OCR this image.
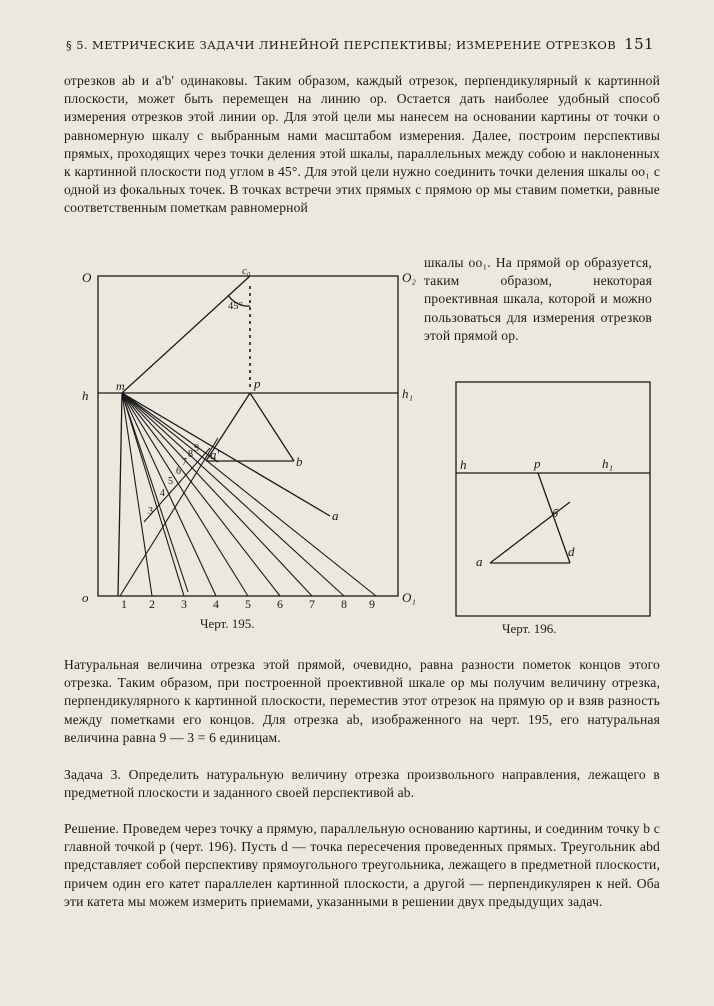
§ 5. МЕТРИЧЕСКИЕ ЗАДАЧИ ЛИНЕЙНОЙ ПЕРСПЕКТИВЫ; ИЗМЕРЕНИЕ ОТРЕЗКОВ 151

отрезков ab и a'b' одинаковы. Таким образом, каждый отрезок, перпендикулярный к картинной плоскости, может быть перемещен на линию op. Остается дать наиболее удобный способ измерения отрезков этой линии op. Для этой цели мы нанесем на основании картины от точки o равномерную шкалу с выбранным нами масштабом измерения. Далее, построим перспективы прямых, проходящих через точки деления этой шкалы, параллельных между собою и наклоненных к картинной плоскости под углом в 45°. Для этой цели нужно соединить точки деления шкалы oo₁ с одной из фокальных точек. В точках встречи этих прямых с прямою op мы ставим пометки, равные соответственным пометкам равномерной

шкалы oo₁. На прямой op образуется, таким образом, некоторая проективная шкала, которой и можно пользоваться для измерения отрезков этой прямой op.

O	O₂
c₀
45°
h	h₁
т	p
a'	b
a
o	O₁
1 2 3 4 5 6 7 8 9
3
4
5
6
7
8
9
Черт. 195.
h	p	h₁
б
a
d
Черт. 196.

Натуральная величина отрезка этой прямой, очевидно, равна разности пометок концов этого отрезка. Таким образом, при построенной проективной шкале op мы получим величину отрезка, перпендикулярного к картинной плоскости, переместив этот отрезок на прямую op и взяв разность между пометками его концов. Для отрезка ab, изображенного на черт. 195, его натуральная величина равна 9 — 3 = 6 единицам.

Задача 3. Определить натуральную величину отрезка произвольного направления, лежащего в предметной плоскости и заданного своей перспективой ab.

Решение. Проведем через точку a прямую, параллельную основанию картины, и соединим точку b с главной точкой p (черт. 196). Пусть d — точка пересечения проведенных прямых. Треугольник abd представляет собой перспективу прямоугольного треугольника, лежащего в предметной плоскости, причем один его катет параллелен картинной плоскости, а другой — перпендикулярен к ней. Оба эти катета мы можем измерить приемами, указанными в решении двух предыдущих задач.
